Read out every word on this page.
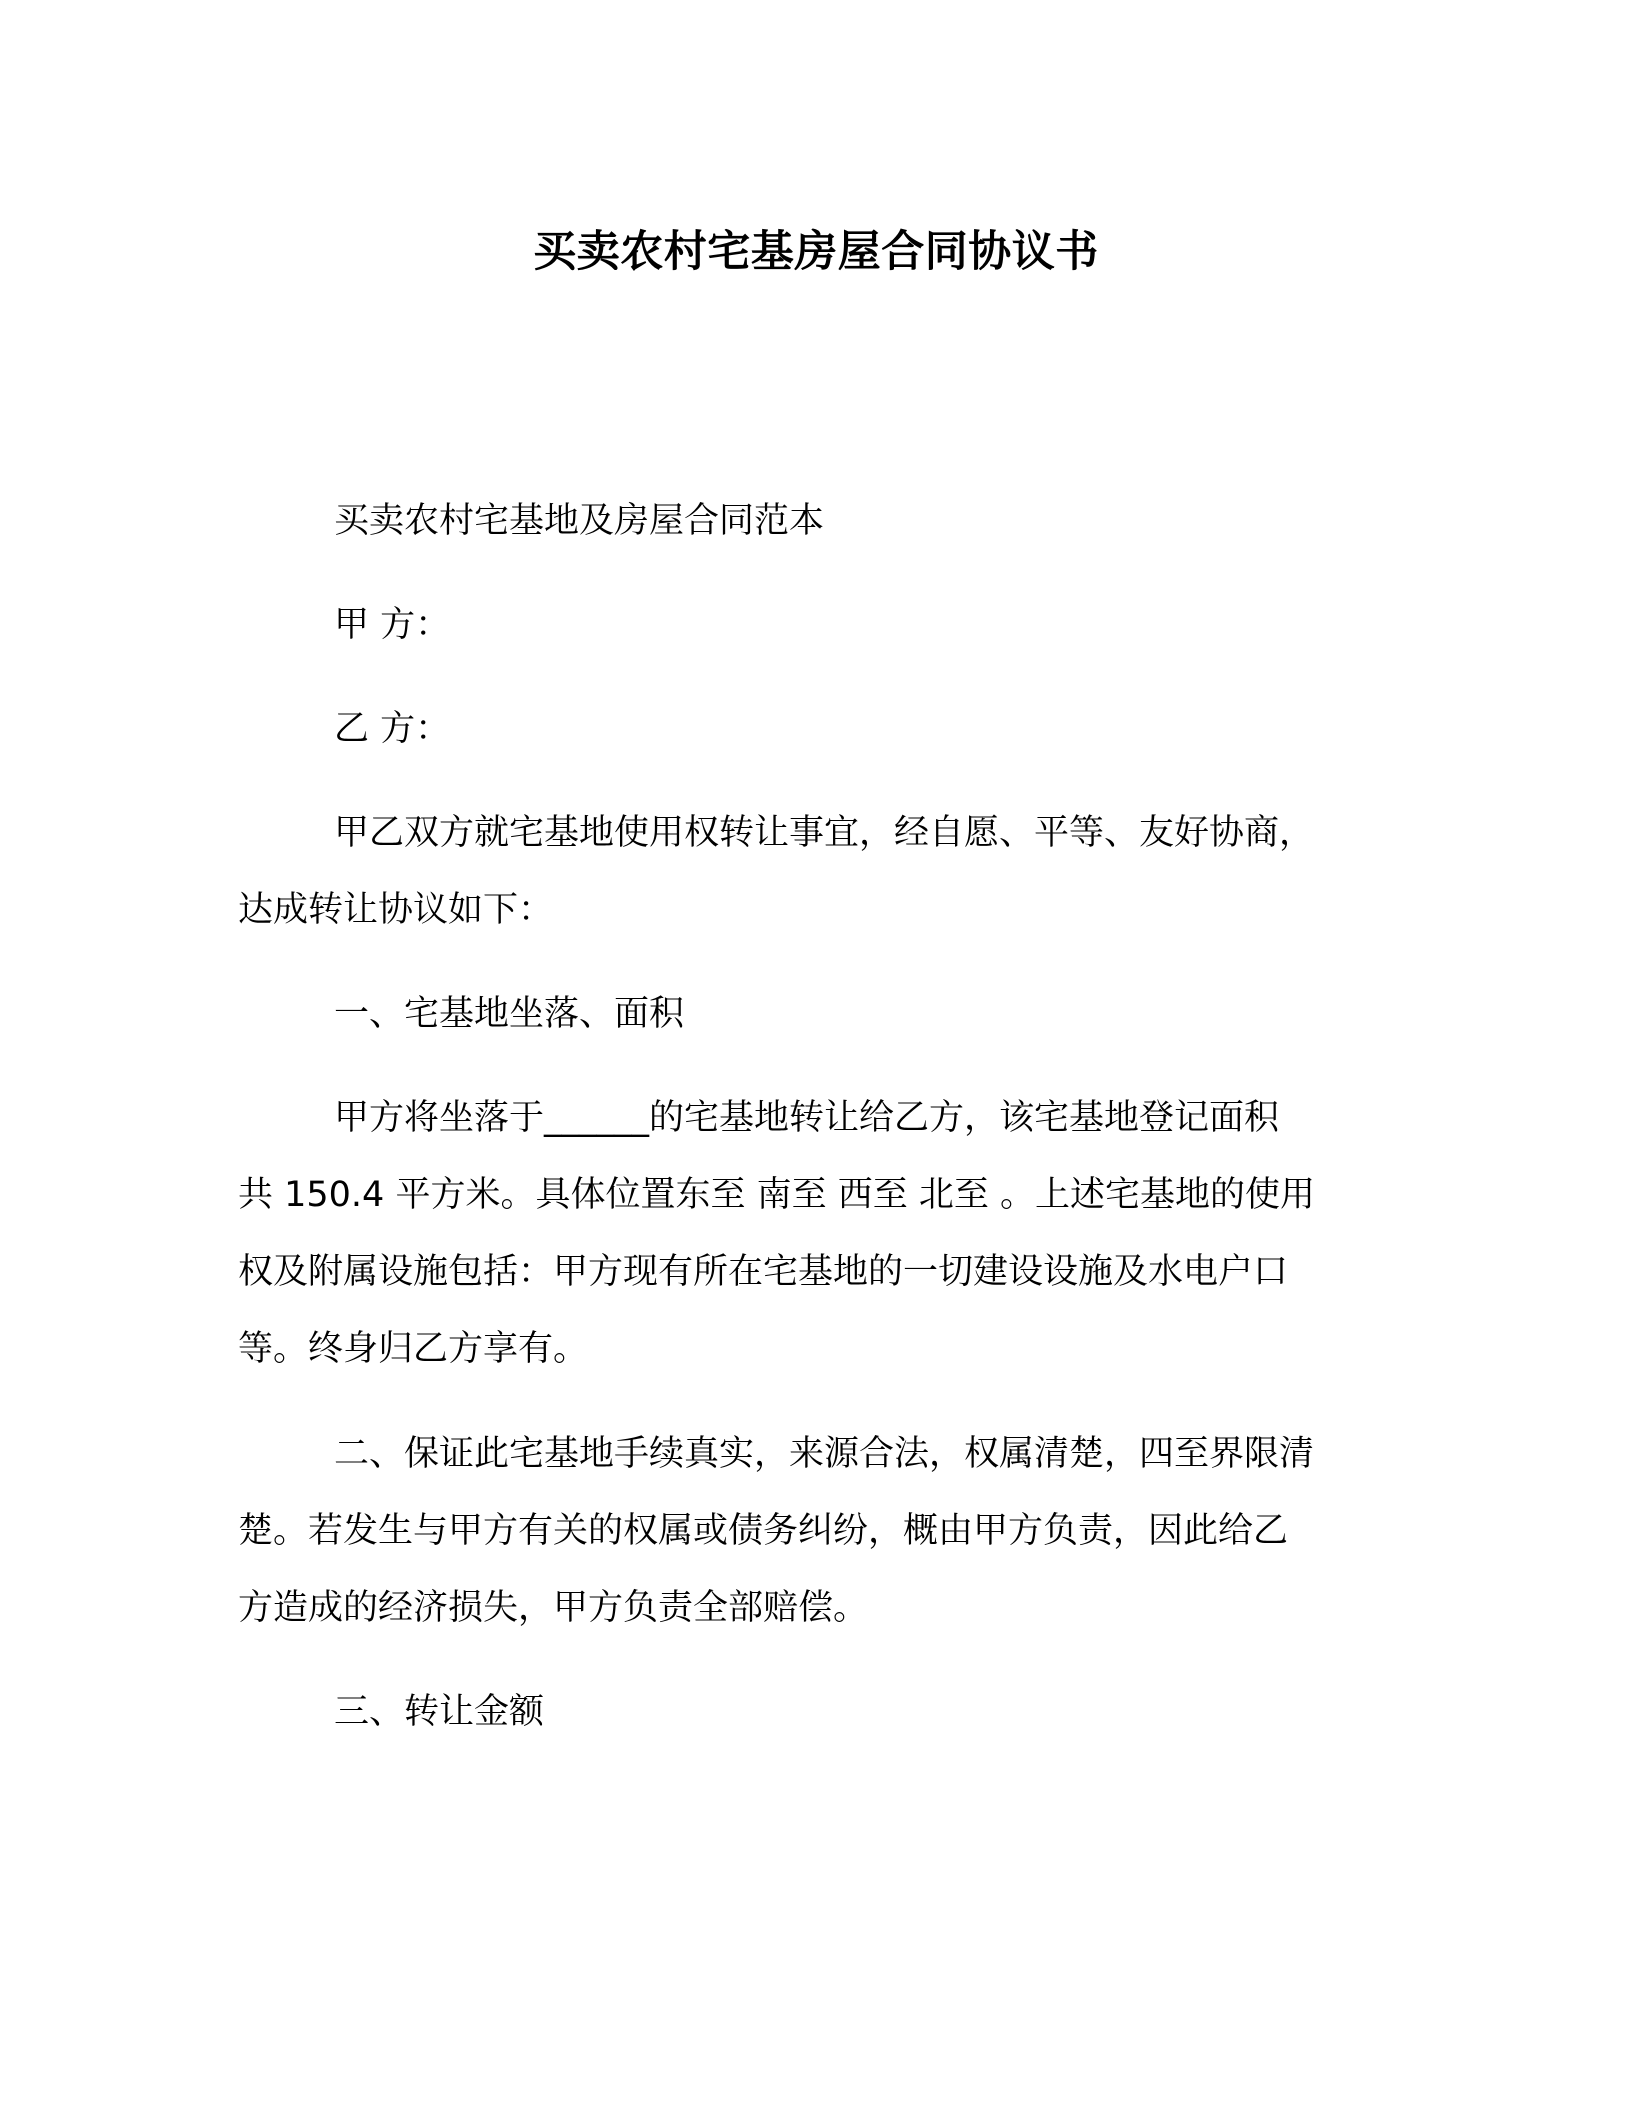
买卖农村宅基房屋合同协议书

买卖农村宅基地及房屋合同范本

甲 方：

乙 方：

甲乙双方就宅基地使用权转让事宜，经自愿、平等、友好协商，
达成转让协议如下：

一、宅基地坐落、面积

甲方将坐落于______的宅基地转让给乙方，该宅基地登记面积
共 150.4 平方米。具体位置东至 南至 西至 北至 。上述宅基地的使用
权及附属设施包括：甲方现有所在宅基地的一切建设设施及水电户口
等。终身归乙方享有。
二、保证此宅基地手续真实，来源合法，权属清楚，四至界限清
楚。若发生与甲方有关的权属或债务纠纷，概由甲方负责，因此给乙
方造成的经济损失，甲方负责全部赔偿。

三、转让金额
